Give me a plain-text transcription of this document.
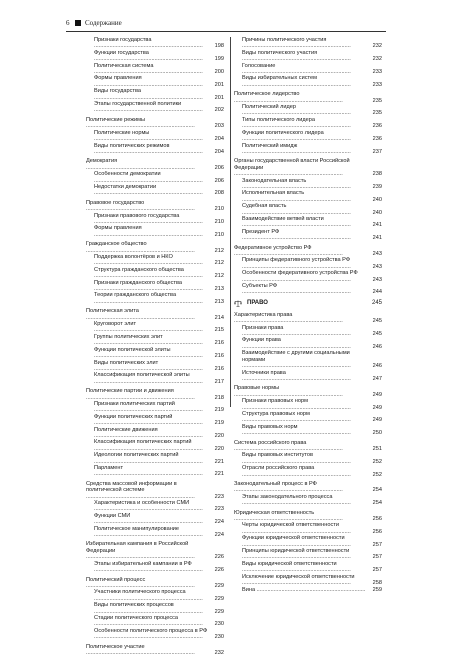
6 Содержание
Признаки государства ...................................................................... 198
Функции государства ...................................................................... 199
Политическая система ...................................................................... 200
Формы правления ...................................................................... 201
Виды государства ...................................................................... 201
Этапы государственной политики ...................................................................... 202
Политические режимы ......................................................................	203
Политические нормы ...................................................................... 204
Виды политических режимов ...................................................................... 204
Демократия ......................................................................	206
Особенности демократии ...................................................................... 206
Недостатки демократии ...................................................................... 208
Правовое государство ......................................................................	210
Признаки правового государства ...................................................................... 210
Формы правления ...................................................................... 210
Гражданское общество ......................................................................	212
Поддержка волонтёров и НКО ...................................................................... 212
Структура гражданского общества ...................................................................... 212
Признаки гражданского общества ...................................................................... 213
Теории гражданского общества ...................................................................... 213
Политическая элита ......................................................................	214
Круговорот элит ...................................................................... 215
Группы политических элит ...................................................................... 216
Функции политической элиты ...................................................................... 216
Виды политических элит ...................................................................... 216
Классификация политической элиты ...................................................................... 217
Политические партии и движения ......................................................................	218
Признаки политических партий ...................................................................... 219
Функции политических партий ...................................................................... 219
Политические движения ...................................................................... 220
Классификация политических партий ...................................................................... 220
Идеологии политических партий ...................................................................... 221
Парламент ...................................................................... 221
Средства массовой информации в политической системе ......................................................................	223
Характеристика и особенности СМИ ...................................................................... 223
Функции СМИ ...................................................................... 224
Политическое манипулирование ...................................................................... 224
Избирательная кампания в Российской Федерации ......................................................................	226
Этапы избирательной кампании в РФ ...................................................................... 226
Политический процесс ......................................................................	229
Участники политического процесса ...................................................................... 229
Виды политических процессов ...................................................................... 229
Стадии политического процесса ...................................................................... 230
Особенности политического процесса в РФ ...................................................................... 230
Политическое участие ......................................................................	232
Причины политического участия ......................................................................	232
Виды политического участия ......................................................................	232
Голосование ......................................................................	233
Виды избирательных систем ......................................................................	233
Политическое лидерство ......................................................................	235
Политический лидер ......................................................................	235
Типы политического лидера ......................................................................	236
Функции политического лидера ......................................................................	236
Политический имидж ......................................................................	237
Органы государственной власти Российской Федерации ......................................................................	238
Законодательная власть ......................................................................	239
Исполнительная власть ......................................................................	240
Судебная власть ......................................................................	240
Взаимодействие ветвей власти ......................................................................	241
Президент РФ ......................................................................	241
Федеративное устройство РФ ......................................................................	243
Принципы федеративного устройства РФ ......................................................................	243
Особенности федеративного устройства РФ ......................................................................	243
Субъекты РФ ......................................................................	244
ПРАВО	245
Характеристика права ......................................................................	245
Признаки права ......................................................................	245
Функции права ......................................................................	246
Взаимодействие с другими социальными нормами ......................................................................	246
Источники права ......................................................................	247
Правовые нормы ......................................................................	249
Признаки правовых норм ......................................................................	249
Структура правовых норм ......................................................................	249
Виды правовых норм ......................................................................	250
Система российского права ......................................................................	251
Виды правовых институтов ......................................................................	252
Отрасли российского права ......................................................................	252
Законодательный процесс в РФ ......................................................................	254
Этапы законодательного процесса ......................................................................	254
Юридическая ответственность ......................................................................	256
Черты юридической ответственности ......................................................................	256
Функции юридической ответственности ......................................................................	257
Принципы юридической ответственности ......................................................................	257
Виды юридической ответственности ......................................................................	257
Исключение юридической ответственности ......................................................................	258
Вина ...................................................................... 259
